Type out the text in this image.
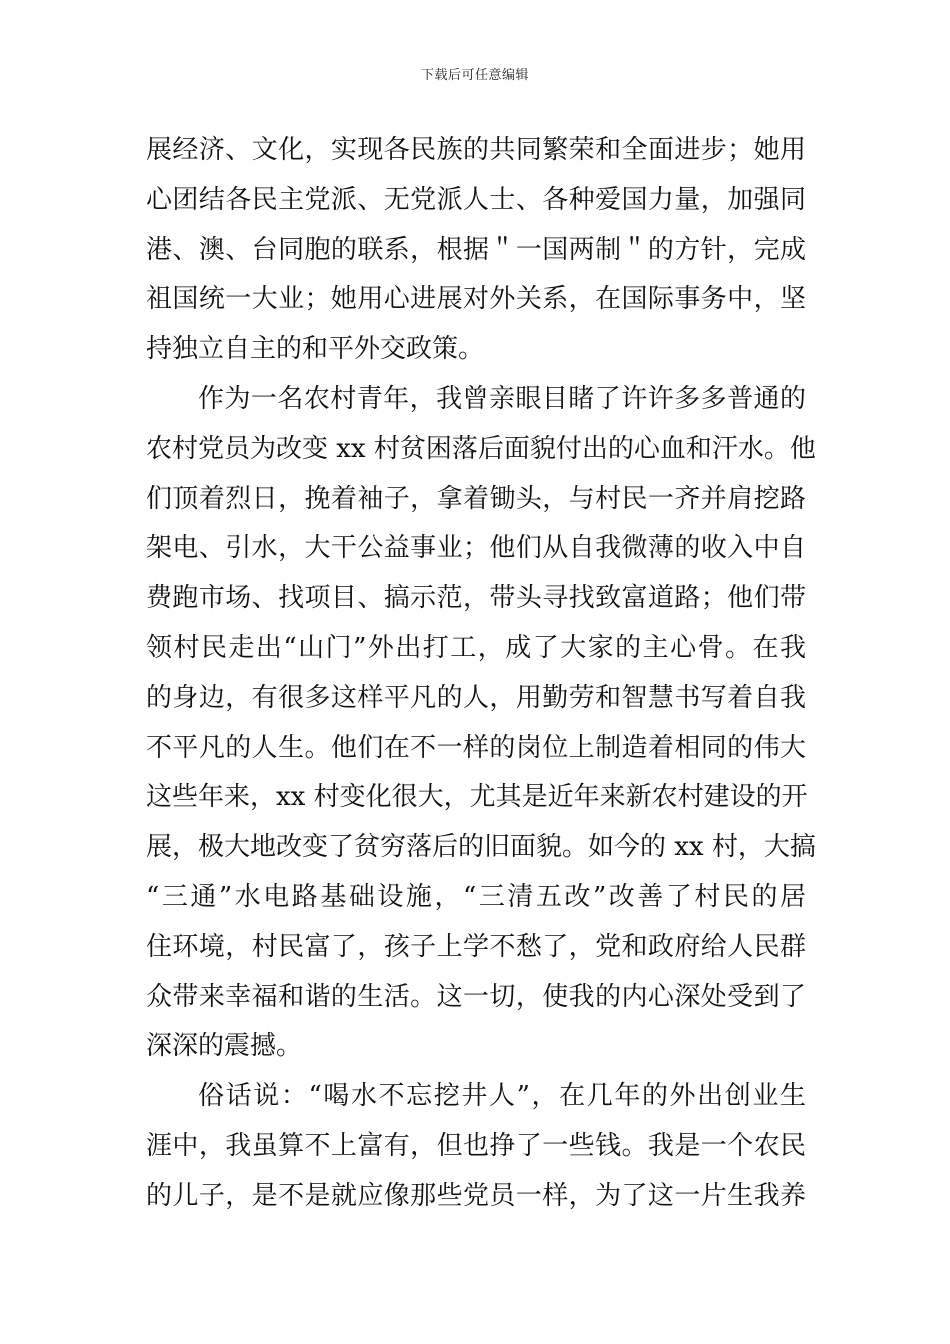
下载后可任意编辑
展经济、文化，实现各民族的共同繁荣和全面进步；她用
心团结各民主党派、无党派人士、各种爱国力量，加强同
港、澳、台同胞的联系，根据＂一国两制＂的方针，完成
祖国统一大业；她用心进展对外关系，在国际事务中，坚
持独立自主的和平外交政策。
作为一名农村青年，我曾亲眼目睹了许许多多普通的
农村党员为改变 xx 村贫困落后面貌付出的心血和汗水。他
们顶着烈日，挽着袖子，拿着锄头，与村民一齐并肩挖路
架电、引水，大干公益事业；他们从自我微薄的收入中自
费跑市场、找项目、搞示范，带头寻找致富道路；他们带
领村民走出“山门”外出打工，成了大家的主心骨。在我
的身边，有很多这样平凡的人，用勤劳和智慧书写着自我
不平凡的人生。他们在不一样的岗位上制造着相同的伟大
这些年来，xx 村变化很大，尤其是近年来新农村建设的开
展，极大地改变了贫穷落后的旧面貌。如今的 xx 村，大搞
“三通”水电路基础设施，“三清五改”改善了村民的居
住环境，村民富了，孩子上学不愁了，党和政府给人民群
众带来幸福和谐的生活。这一切，使我的内心深处受到了
深深的震撼。
俗话说：“喝水不忘挖井人”，在几年的外出创业生
涯中，我虽算不上富有，但也挣了一些钱。我是一个农民
的儿子，是不是就应像那些党员一样，为了这一片生我养
